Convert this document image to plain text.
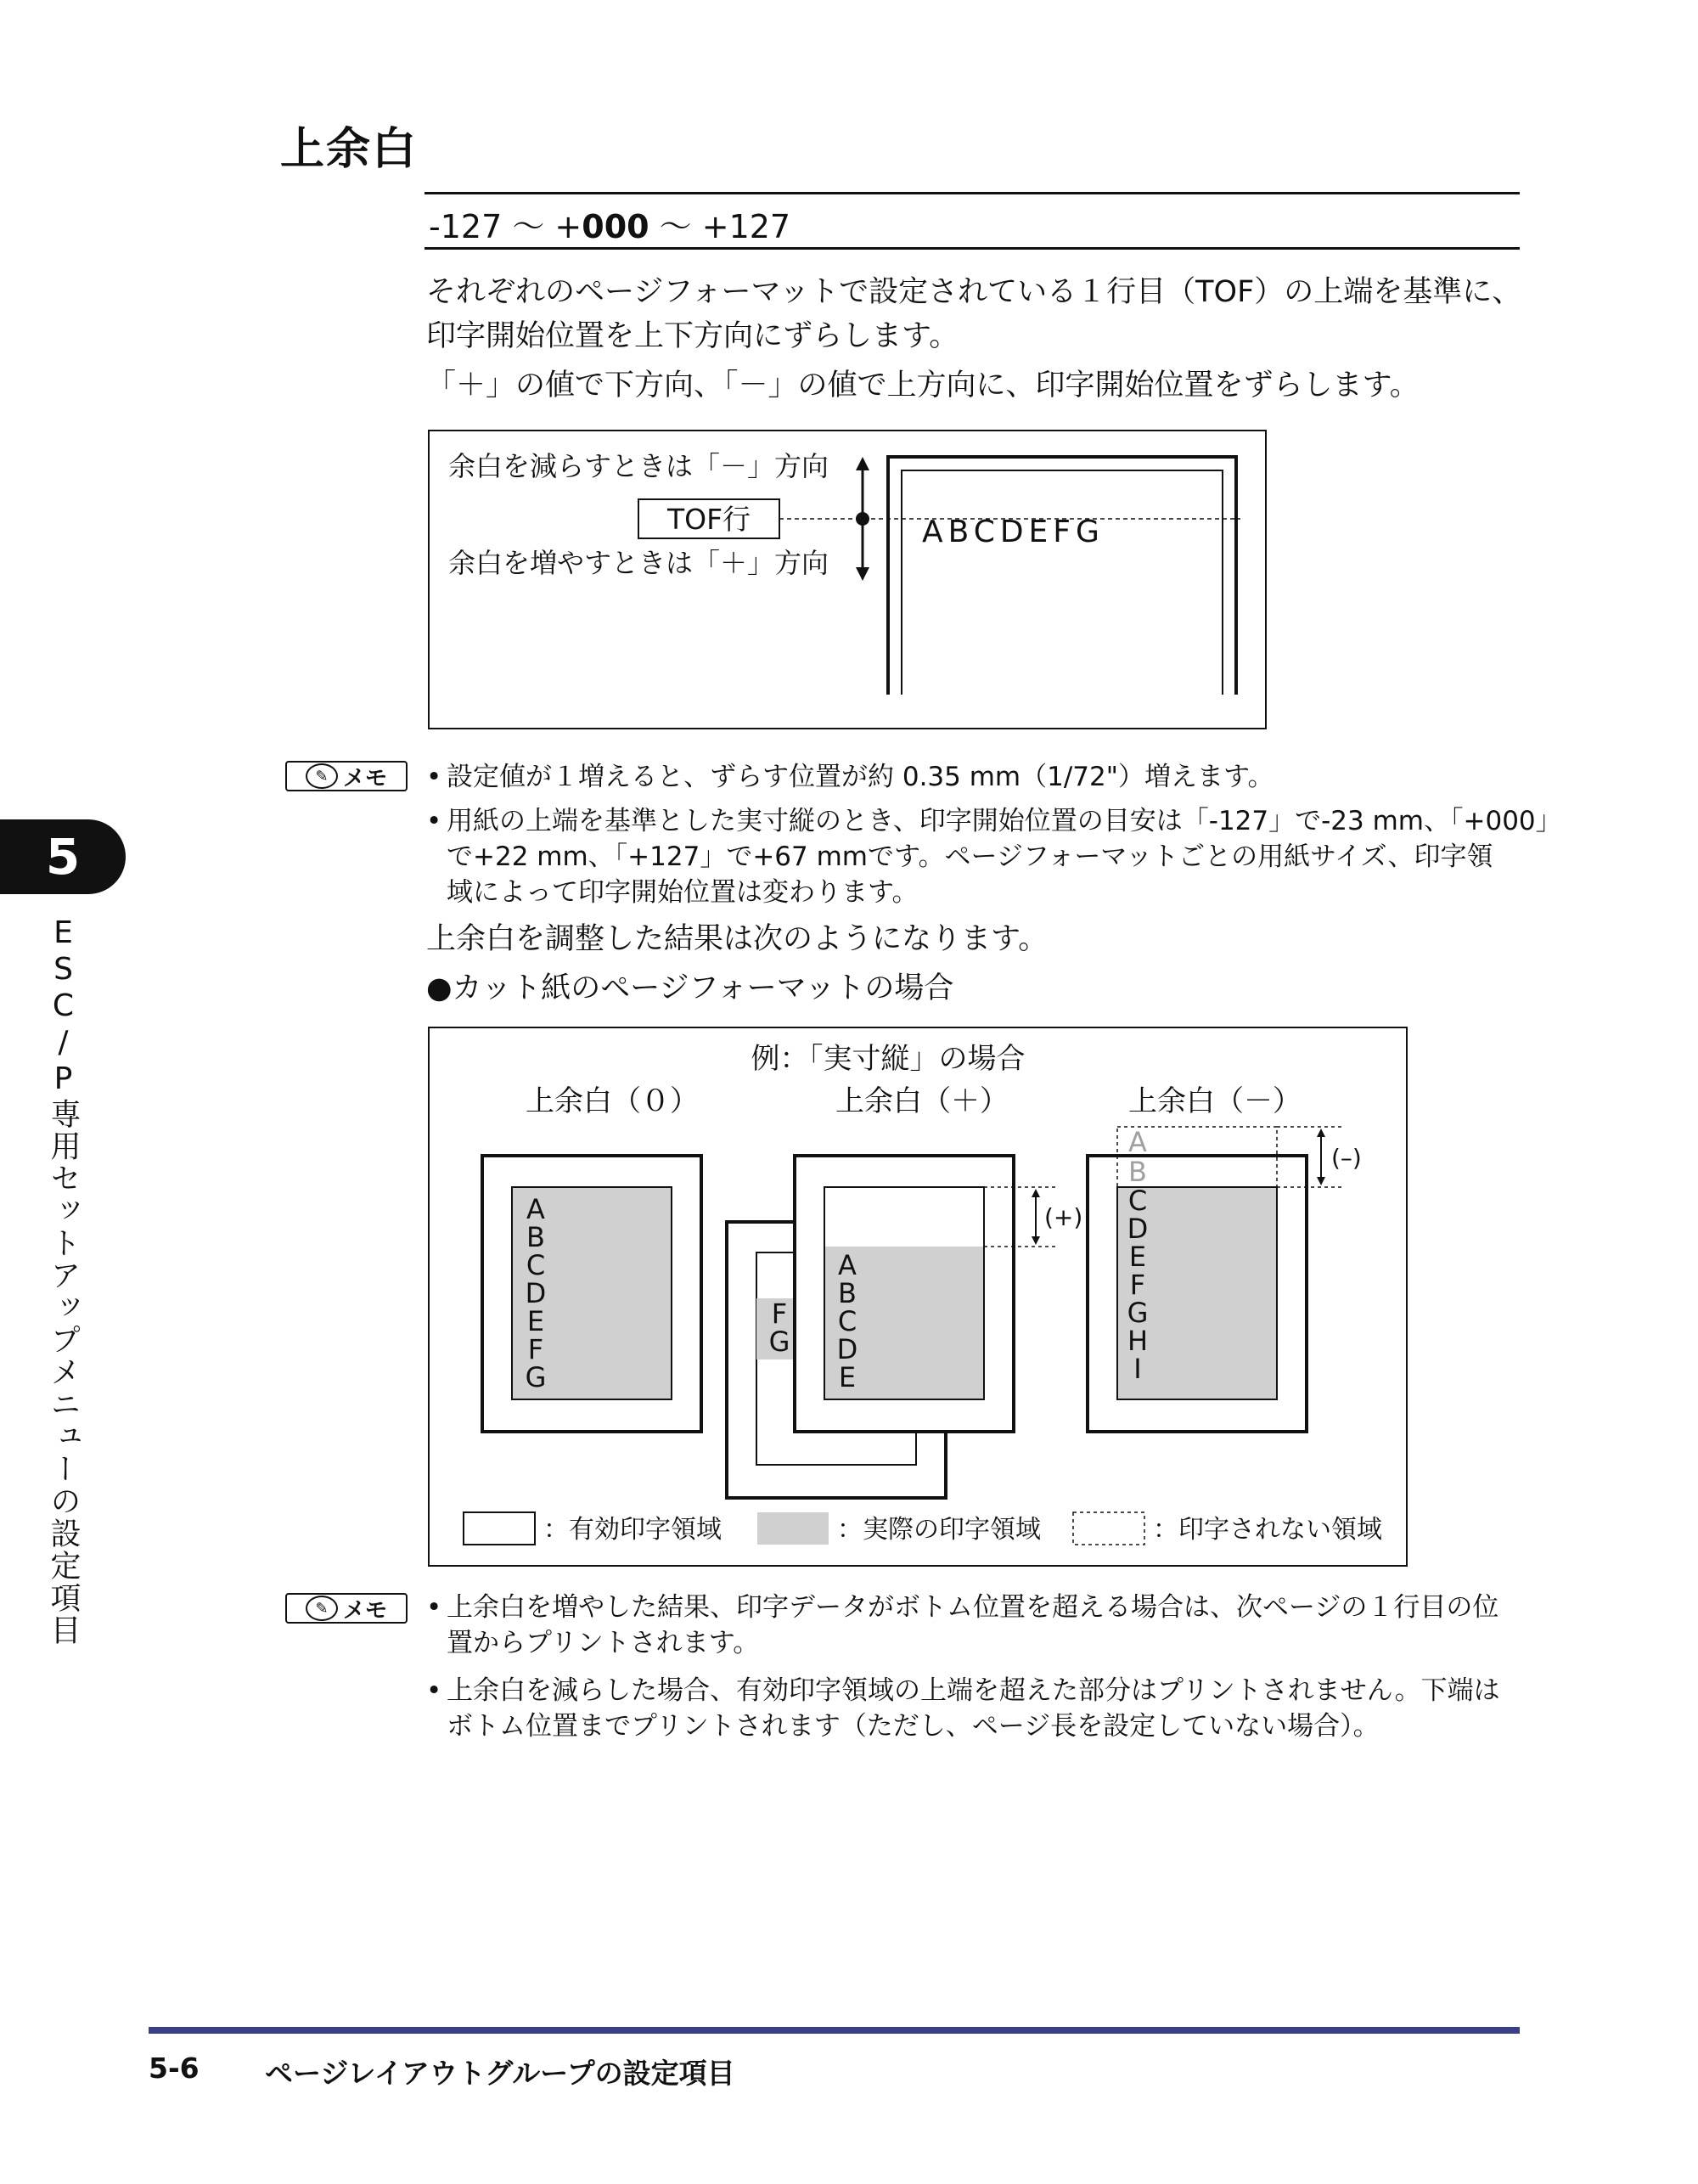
上余白
-127 ～ +000 ～ +127
それぞれのページフォーマットで設定されている１行目（TOF）の上端を基準に、
印字開始位置を上下方向にずらします。
「＋」の値で下方向、「－」の値で上方向に、印字開始位置をずらします。
余白を減らすときは「－」方向
余白を増やすときは「＋」方向
TOF行	ABCDEFG
✎ メモ • 設定値が１増えると、ずらす位置が約 0.35 mm（1/72"）増えます。
• 用紙の上端を基準とした実寸縦のとき、印字開始位置の目安は「-127」で-23 mm、「+000」
で+22 mm、「+127」で+67 mmです。ページフォーマットごとの用紙サイズ、印字領
域によって印字開始位置は変わります。
上余白を調整した結果は次のようになります。
●カット紙のページフォーマットの場合
例：「実寸縦」の場合
上余白（０）	上余白（＋）	上余白（－）
A
B
C
D
E
F
G
F
G
A
B
C
D
E
(+)
(–)
A
B
C
D
E
F
G
H
I
：有効印字領域	：実際の印字領域	：印字されない領域
✎ メモ • 上余白を増やした結果、印字データがボトム位置を超える場合は、次ページの１行目の位
置からプリントされます。
• 上余白を減らした場合、有効印字領域の上端を超えた部分はプリントされません。下端は
ボトム位置までプリントされます（ただし、ページ長を設定していない場合）。
5
ESC/P専用セットアップメニューの設定項目
5-6 ページレイアウトグループの設定項目
